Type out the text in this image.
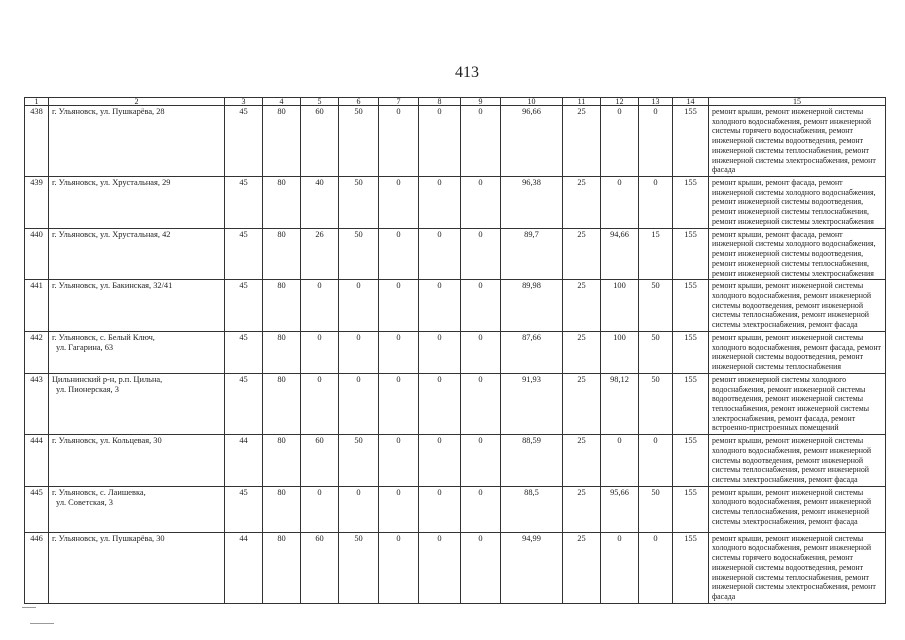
413
1	2	3	4	5	6	7	8	9	10	11	12	13	14	15
438	г. Ульяновск, ул. Пушкарёва, 28	45	80	60	50	0	0	0	96,66	25	0	0	155	ремонт крыши, ремонт инженерной системы холодного водоснабжения, ремонт инженерной системы горячего водоснабжения, ремонт инженерной системы водоотведения, ремонт инженерной системы теплоснабжения, ремонт инженерной системы электроснабжения, ремонт фасада
439	г. Ульяновск, ул. Хрустальная, 29	45	80	40	50	0	0	0	96,38	25	0	0	155	ремонт крыши, ремонт фасада, ремонт инженерной системы холодного водоснабжения, ремонт инженерной системы водоотведения, ремонт инженерной системы теплоснабжения, ремонт инженерной системы электроснабжения
440	г. Ульяновск, ул. Хрустальная, 42	45	80	26	50	0	0	0	89,7	25	94,66	15	155	ремонт крыши, ремонт фасада, ремонт инженерной системы холодного водоснабжения, ремонт инженерной системы водоотведения, ремонт инженерной системы теплоснабжения, ремонт инженерной системы электроснабжения
441	г. Ульяновск, ул. Бакинская, 32/41	45	80	0	0	0	0	0	89,98	25	100	50	155	ремонт крыши, ремонт инженерной системы холодного водоснабжения, ремонт инженерной системы водоотведения, ремонт инженерной системы теплоснабжения, ремонт инженерной системы электроснабжения, ремонт фасада
442	г. Ульяновск, с. Белый Ключ,
ул. Гагарина, 63	45	80	0	0	0	0	0	87,66	25	100	50	155	ремонт крыши, ремонт инженерной системы холодного водоснабжения, ремонт фасада, ремонт инженерной системы водоотведения, ремонт инженерной системы теплоснабжения
443	Цильнинский р-н, р.п. Цильна,
ул. Пионерская, 3	45	80	0	0	0	0	0	91,93	25	98,12	50	155	ремонт инженерной системы холодного водоснабжения, ремонт инженерной системы водоотведения, ремонт инженерной системы теплоснабжения, ремонт инженерной системы электроснабжения, ремонт фасада, ремонт встроенно-пристроенных помещений
444	г. Ульяновск, ул. Кольцевая, 30	44	80	60	50	0	0	0	88,59	25	0	0	155	ремонт крыши, ремонт инженерной системы холодного водоснабжения, ремонт инженерной системы водоотведения, ремонт инженерной системы теплоснабжения, ремонт инженерной системы электроснабжения, ремонт фасада
445	г. Ульяновск, с. Лаишевка,
ул. Советская, 3	45	80	0	0	0	0	0	88,5	25	95,66	50	155	ремонт крыши, ремонт инженерной системы холодного водоснабжения, ремонт инженерной системы теплоснабжения, ремонт инженерной системы электроснабжения, ремонт фасада
446	г. Ульяновск, ул. Пушкарёва, 30	44	80	60	50	0	0	0	94,99	25	0	0	155	ремонт крыши, ремонт инженерной системы холодного водоснабжения, ремонт инженерной системы горячего водоснабжения, ремонт инженерной системы водоотведения, ремонт инженерной системы теплоснабжения, ремонт инженерной системы электроснабжения, ремонт фасада
